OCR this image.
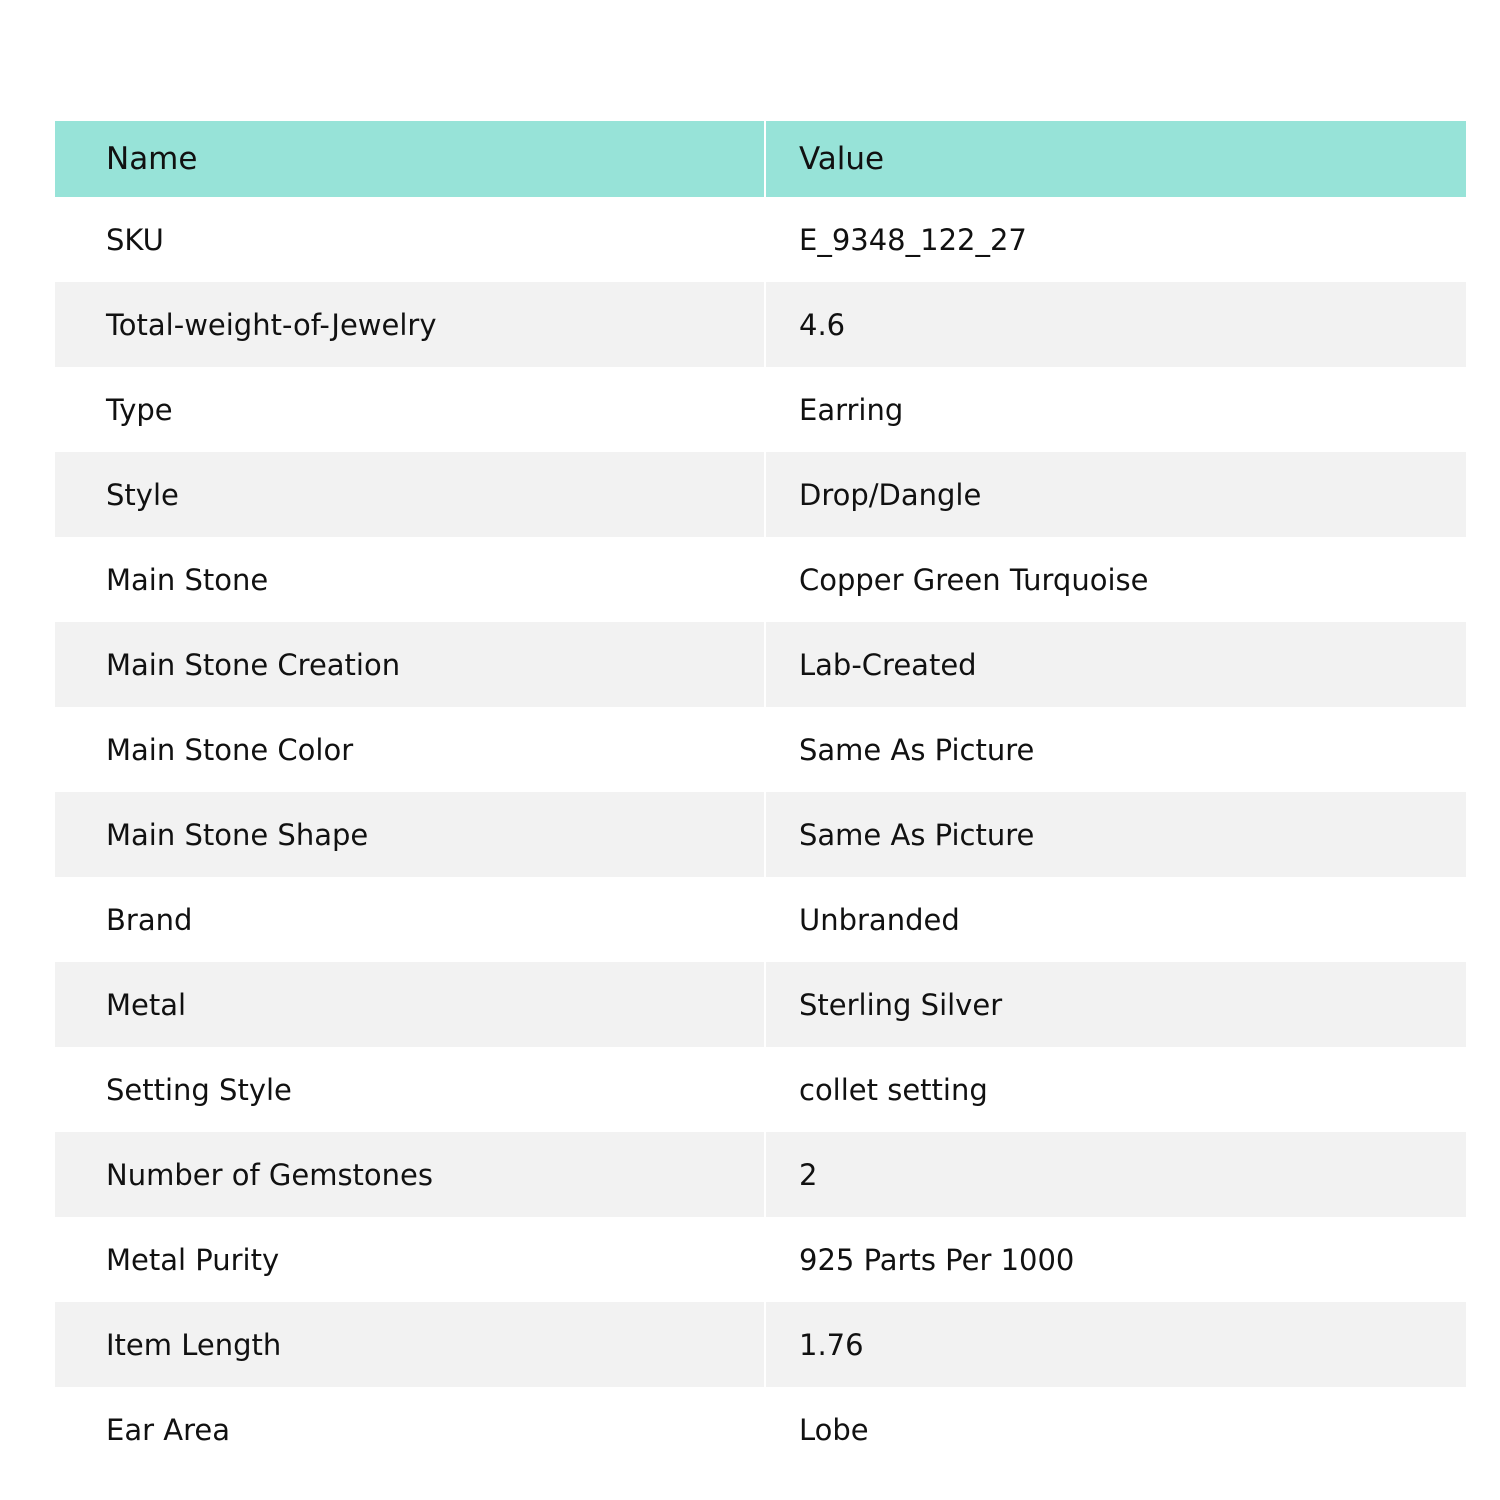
Name	Value
SKU	E_9348_122_27
Total-weight-of-Jewelry	4.6
Type	Earring
Style	Drop/Dangle
Main Stone	Copper Green Turquoise
Main Stone Creation	Lab-Created
Main Stone Color	Same As Picture
Main Stone Shape	Same As Picture
Brand	Unbranded
Metal	Sterling Silver
Setting Style	collet setting
Number of Gemstones	2
Metal Purity	925 Parts Per 1000
Item Length	1.76
Ear Area	Lobe
